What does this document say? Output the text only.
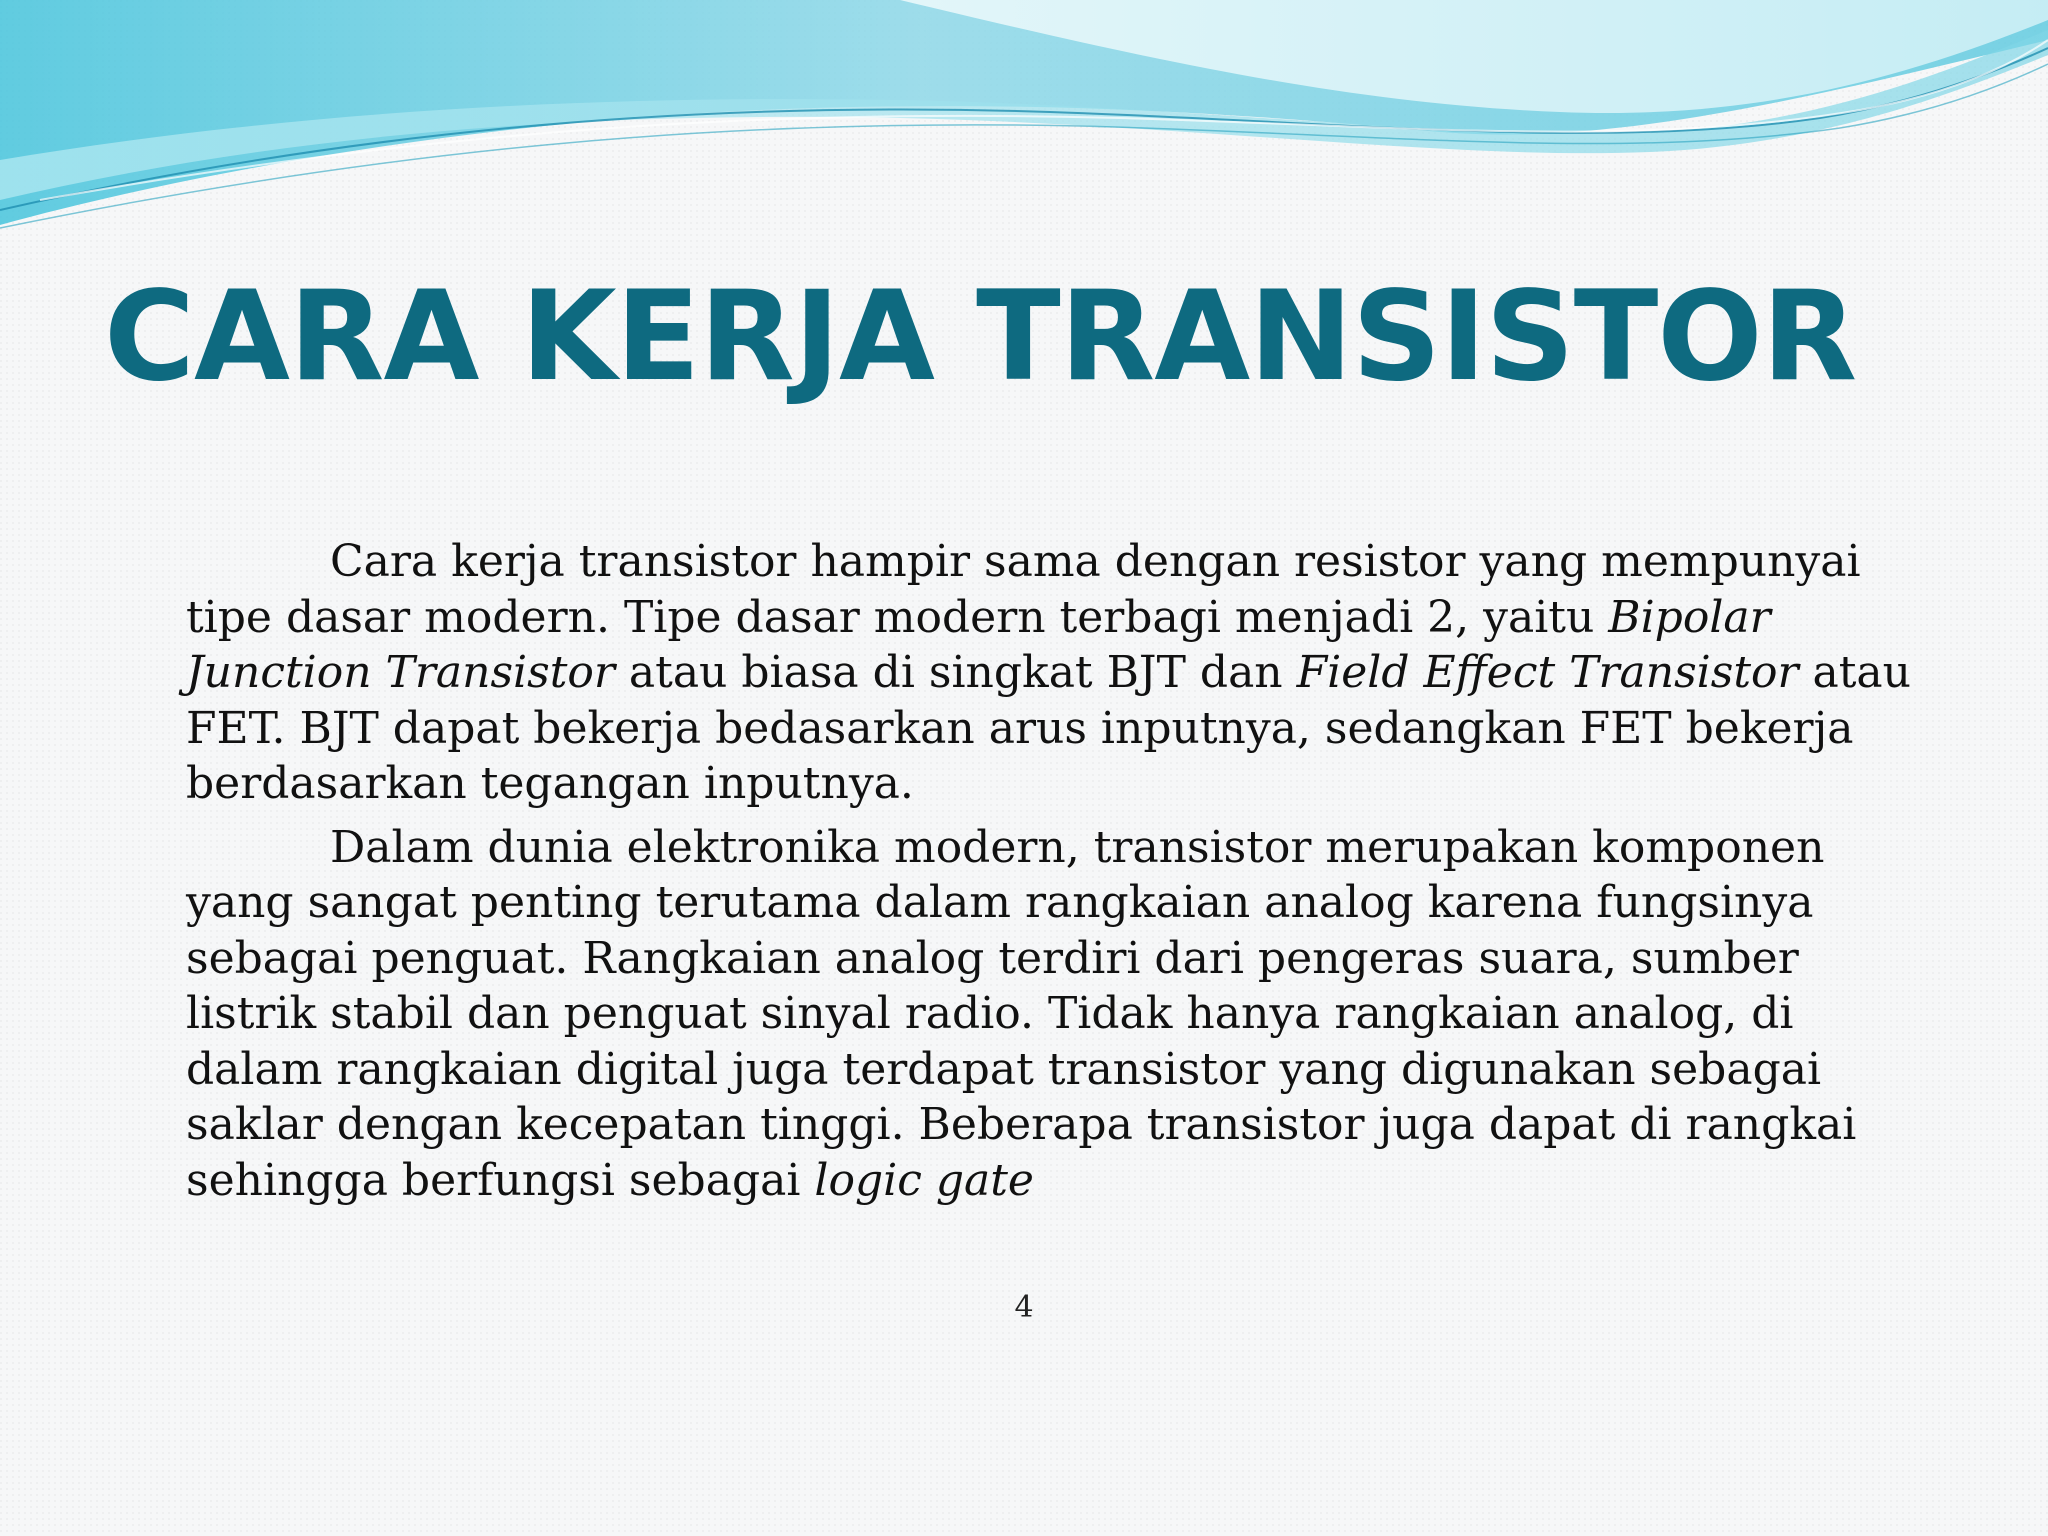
CARA KERJA TRANSISTOR

Cara kerja transistor hampir sama dengan resistor yang mempunyai tipe dasar modern. Tipe dasar modern terbagi menjadi 2, yaitu Bipolar Junction Transistor atau biasa di singkat BJT dan Field Effect Transistor atau FET. BJT dapat bekerja bedasarkan arus inputnya, sedangkan FET bekerja berdasarkan tegangan inputnya.

Dalam dunia elektronika modern, transistor merupakan komponen yang sangat penting terutama dalam rangkaian analog karena fungsinya sebagai penguat. Rangkaian analog terdiri dari pengeras suara, sumber listrik stabil dan penguat sinyal radio. Tidak hanya rangkaian analog, di dalam rangkaian digital juga terdapat transistor yang digunakan sebagai saklar dengan kecepatan tinggi. Beberapa transistor juga dapat di rangkai sehingga berfungsi sebagai logic gate

4
